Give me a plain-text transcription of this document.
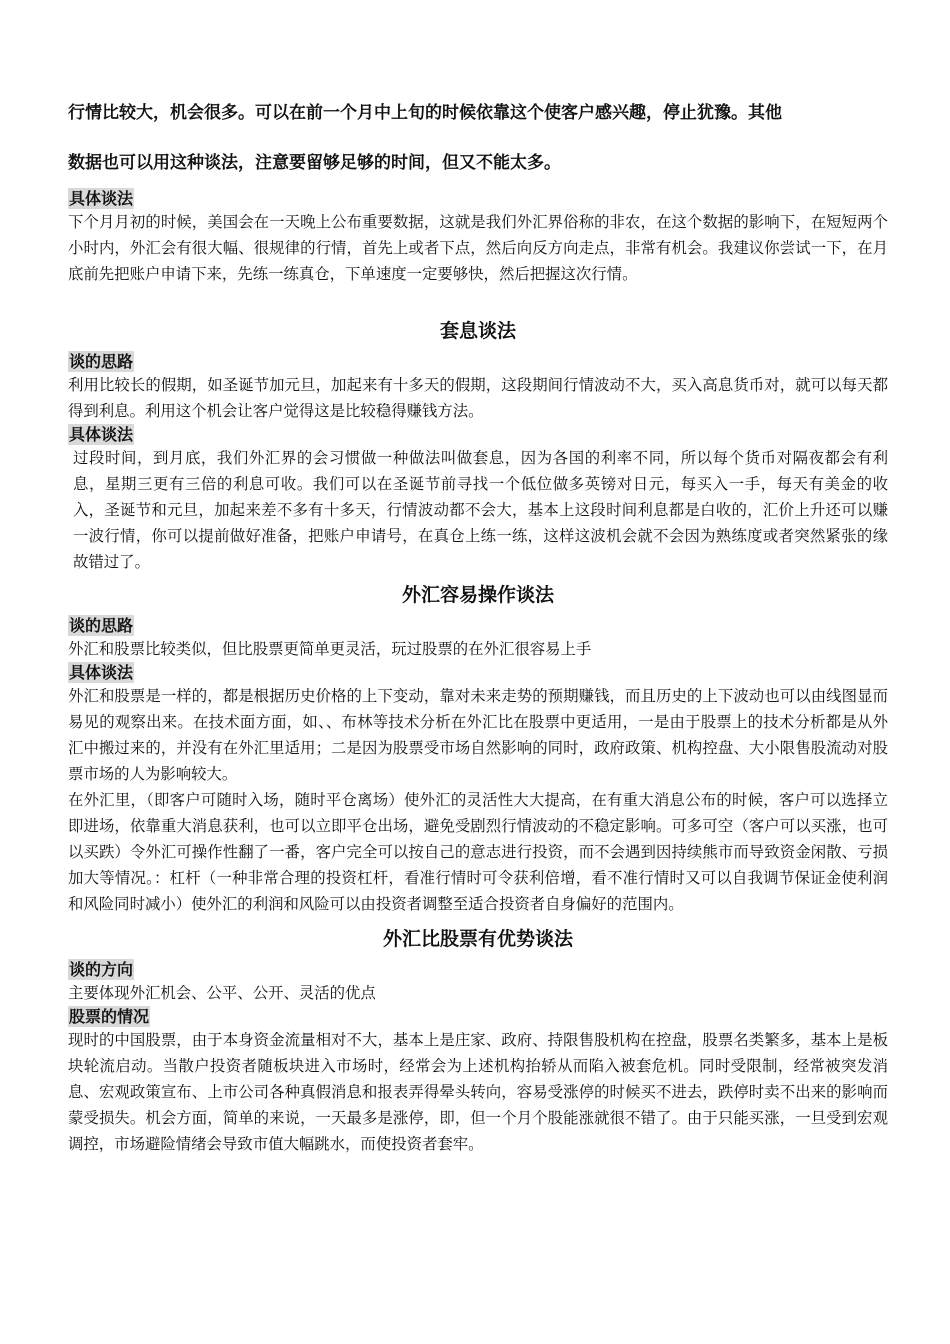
行情比较大，机会很多。可以在前一个月中上旬的时候依靠这个使客户感兴趣，停止犹豫。其他

数据也可以用这种谈法，注意要留够足够的时间，但又不能太多。

具体谈法

下个月月初的时候，美国会在一天晚上公布重要数据，这就是我们外汇界俗称的非农，在这个数据的影响下，在短短两个小时内，外汇会有很大幅、很规律的行情，首先上或者下点，然后向反方向走点，非常有机会。我建议你尝试一下，在月底前先把账户申请下来，先练一练真仓，下单速度一定要够快，然后把握这次行情。

套息谈法
谈的思路

利用比较长的假期，如圣诞节加元旦，加起来有十多天的假期，这段期间行情波动不大，买入高息货币对，就可以每天都得到利息。利用这个机会让客户觉得这是比较稳得赚钱方法。

具体谈法

过段时间，到月底，我们外汇界的会习惯做一种做法叫做套息，因为各国的利率不同，所以每个货币对隔夜都会有利息，星期三更有三倍的利息可收。我们可以在圣诞节前寻找一个低位做多英镑对日元，每买入一手，每天有美金的收入，圣诞节和元旦，加起来差不多有十多天，行情波动都不会大，基本上这段时间利息都是白收的，汇价上升还可以赚一波行情，你可以提前做好准备，把账户申请号，在真仓上练一练，这样这波机会就不会因为熟练度或者突然紧张的缘故错过了。

外汇容易操作谈法
谈的思路

外汇和股票比较类似，但比股票更简单更灵活，玩过股票的在外汇很容易上手

具体谈法

外汇和股票是一样的，都是根据历史价格的上下变动，靠对未来走势的预期赚钱，而且历史的上下波动也可以由线图显而易见的观察出来。在技术面方面，如、、布林等技术分析在外汇比在股票中更适用，一是由于股票上的技术分析都是从外汇中搬过来的，并没有在外汇里适用；二是因为股票受市场自然影响的同时，政府政策、机构控盘、大小限售股流动对股票市场的人为影响较大。

在外汇里，（即客户可随时入场，随时平仓离场）使外汇的灵活性大大提高，在有重大消息公布的时候，客户可以选择立即进场，依靠重大消息获利，也可以立即平仓出场，避免受剧烈行情波动的不稳定影响。可多可空（客户可以买涨，也可以买跌）令外汇可操作性翻了一番，客户完全可以按自己的意志进行投资，而不会遇到因持续熊市而导致资金闲散、亏损加大等情况。：杠杆（一种非常合理的投资杠杆，看准行情时可令获利倍增，看不准行情时又可以自我调节保证金使利润和风险同时减小）使外汇的利润和风险可以由投资者调整至适合投资者自身偏好的范围内。

外汇比股票有优势谈法
谈的方向

主要体现外汇机会、公平、公开、灵活的优点

股票的情况

现时的中国股票，由于本身资金流量相对不大，基本上是庄家、政府、持限售股机构在控盘，股票名类繁多，基本上是板块轮流启动。当散户投资者随板块进入市场时，经常会为上述机构抬轿从而陷入被套危机。同时受限制，经常被突发消息、宏观政策宣布、上市公司各种真假消息和报表弄得晕头转向，容易受涨停的时候买不进去，跌停时卖不出来的影响而蒙受损失。机会方面，简单的来说，一天最多是涨停，即，但一个月个股能涨就很不错了。由于只能买涨，一旦受到宏观调控，市场避险情绪会导致市值大幅跳水，而使投资者套牢。
